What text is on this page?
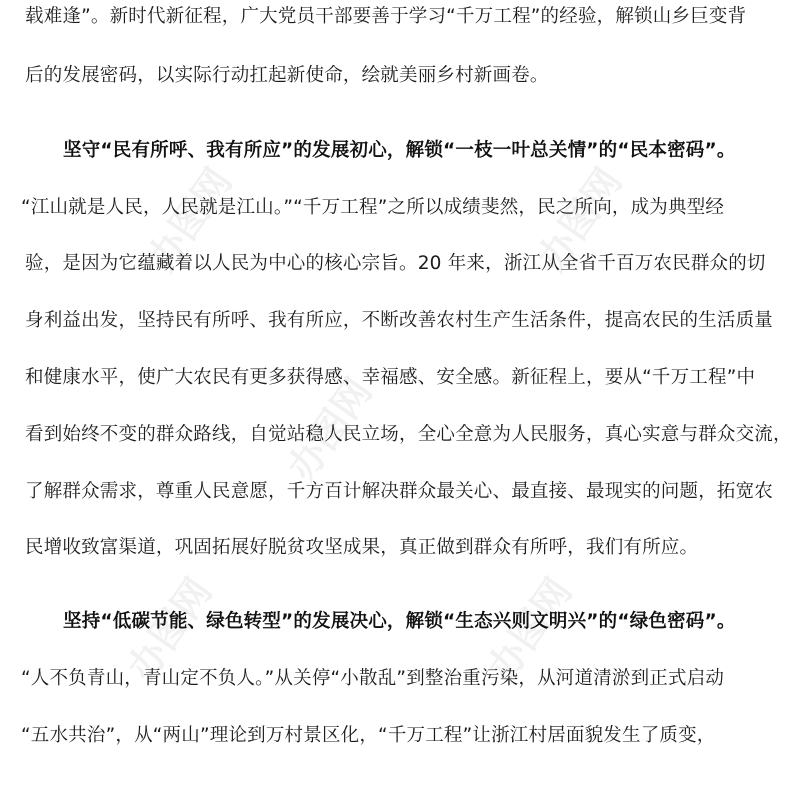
办图网	办图网
办图网
办图网	办图网
载难逢”。新时代新征程，广大党员干部要善于学习“千万工程”的经验，解锁山乡巨变背
后的发展密码，以实际行动扛起新使命，绘就美丽乡村新画卷。
坚守“民有所呼、我有所应”的发展初心，解锁“一枝一叶总关情”的“民本密码”。
“江山就是人民，人民就是江山。”“千万工程”之所以成绩斐然，民之所向，成为典型经
验，是因为它蕴藏着以人民为中心的核心宗旨。20 年来，浙江从全省千百万农民群众的切
身利益出发，坚持民有所呼、我有所应，不断改善农村生产生活条件，提高农民的生活质量
和健康水平，使广大农民有更多获得感、幸福感、安全感。新征程上，要从“千万工程”中
看到始终不变的群众路线，自觉站稳人民立场，全心全意为人民服务，真心实意与群众交流，
了解群众需求，尊重人民意愿，千方百计解决群众最关心、最直接、最现实的问题，拓宽农
民增收致富渠道，巩固拓展好脱贫攻坚成果，真正做到群众有所呼，我们有所应。
坚持“低碳节能、绿色转型”的发展决心，解锁“生态兴则文明兴”的“绿色密码”。
“人不负青山，青山定不负人。”从关停“小散乱”到整治重污染，从河道清淤到正式启动
“五水共治”，从“两山”理论到万村景区化，“千万工程”让浙江村居面貌发生了质变，
